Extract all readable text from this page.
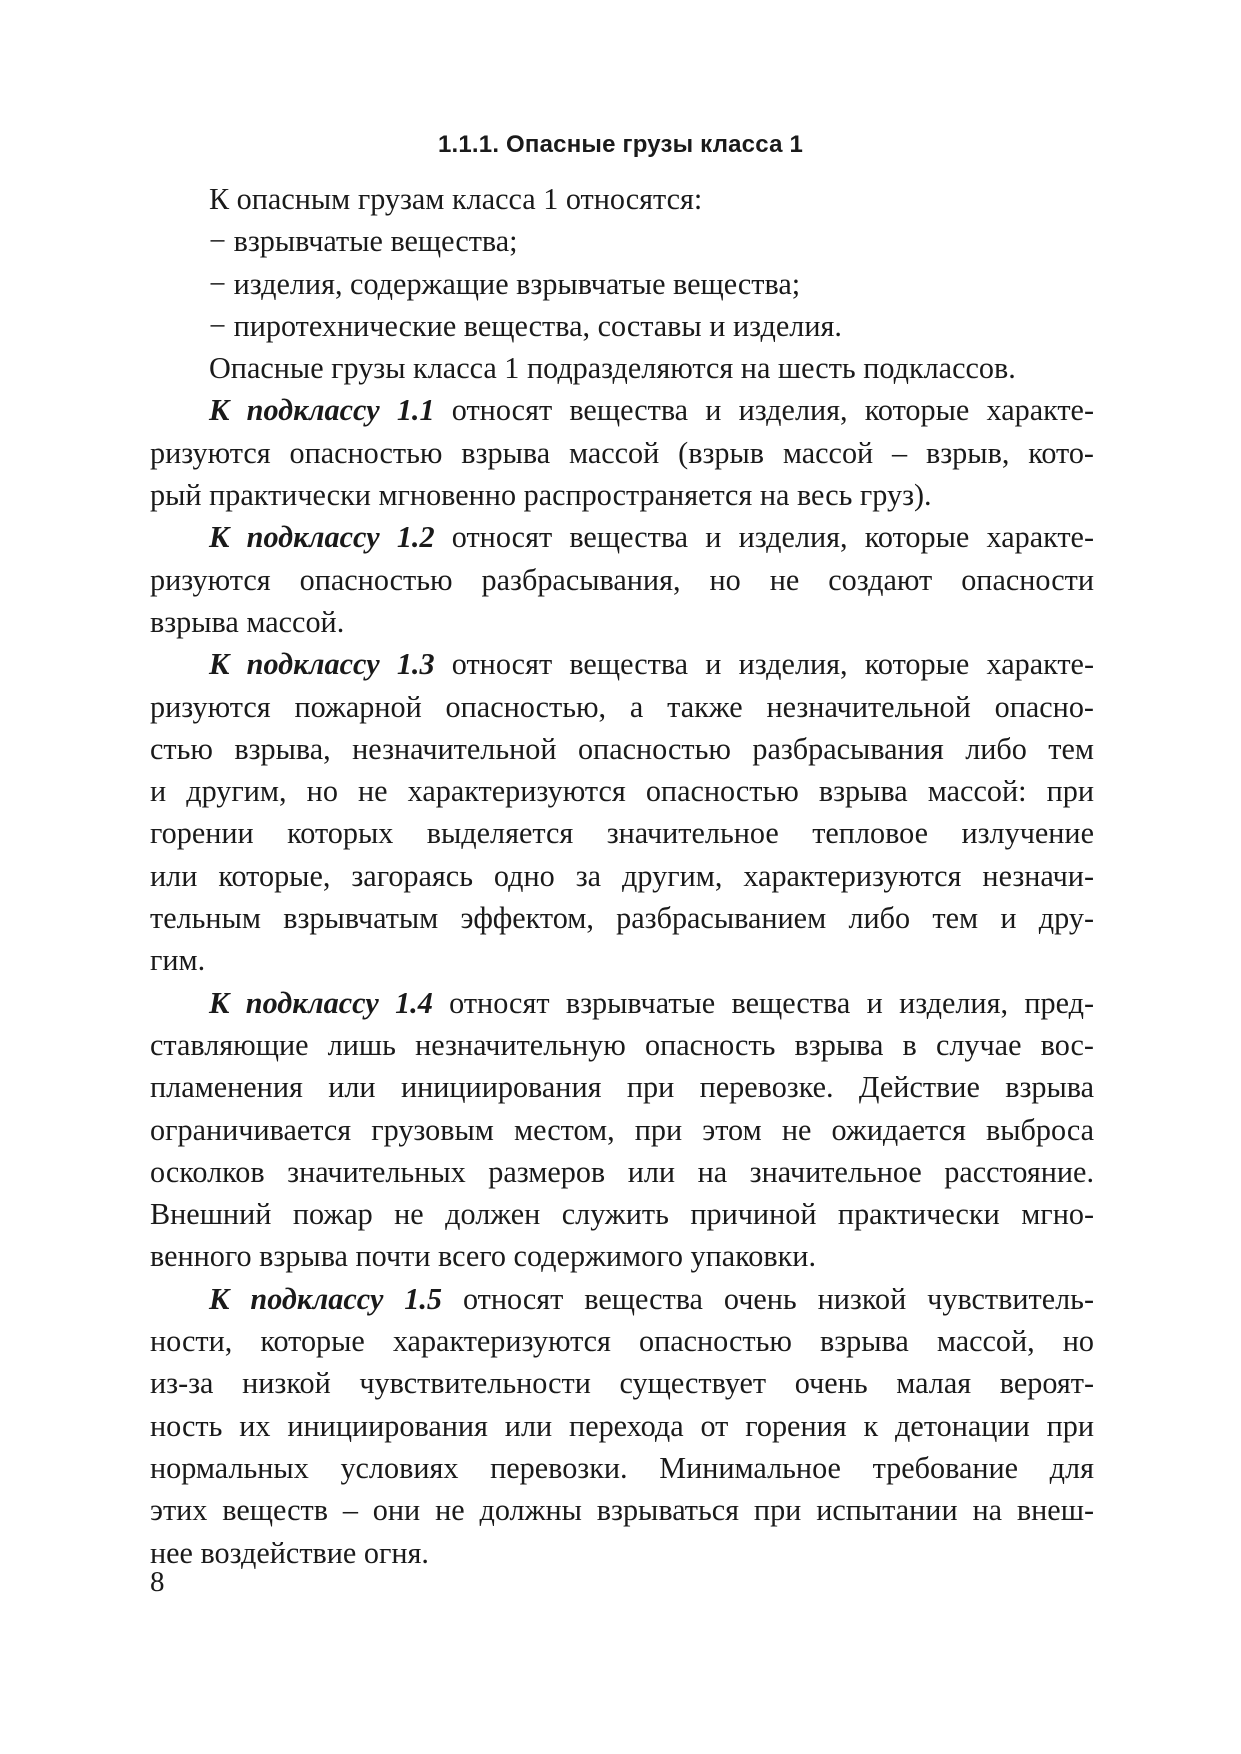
1.1.1. Опасные грузы класса 1
К опасным грузам класса 1 относятся:
− взрывчатые вещества;
− изделия, содержащие взрывчатые вещества;
− пиротехнические вещества, составы и изделия.
Опасные грузы класса 1 подразделяются на шесть подклассов.
К подклассу 1.1 относят вещества и изделия, которые характе-
ризуются опасностью взрыва массой (взрыв массой – взрыв, кото-
рый практически мгновенно распространяется на весь груз).
К подклассу 1.2 относят вещества и изделия, которые характе-
ризуются опасностью разбрасывания, но не создают опасности
взрыва массой.
К подклассу 1.3 относят вещества и изделия, которые характе-
ризуются пожарной опасностью, а также незначительной опасно-
стью взрыва, незначительной опасностью разбрасывания либо тем
и другим, но не характеризуются опасностью взрыва массой: при
горении которых выделяется значительное тепловое излучение
или которые, загораясь одно за другим, характеризуются незначи-
тельным взрывчатым эффектом, разбрасыванием либо тем и дру-
гим.
К подклассу 1.4 относят взрывчатые вещества и изделия, пред-
ставляющие лишь незначительную опасность взрыва в случае вос-
пламенения или инициирования при перевозке. Действие взрыва
ограничивается грузовым местом, при этом не ожидается выброса
осколков значительных размеров или на значительное расстояние.
Внешний пожар не должен служить причиной практически мгно-
венного взрыва почти всего содержимого упаковки.
К подклассу 1.5 относят вещества очень низкой чувствитель-
ности, которые характеризуются опасностью взрыва массой, но
из-за низкой чувствительности существует очень малая вероят-
ность их инициирования или перехода от горения к детонации при
нормальных условиях перевозки. Минимальное требование для
этих веществ – они не должны взрываться при испытании на внеш-
нее воздействие огня.
8
